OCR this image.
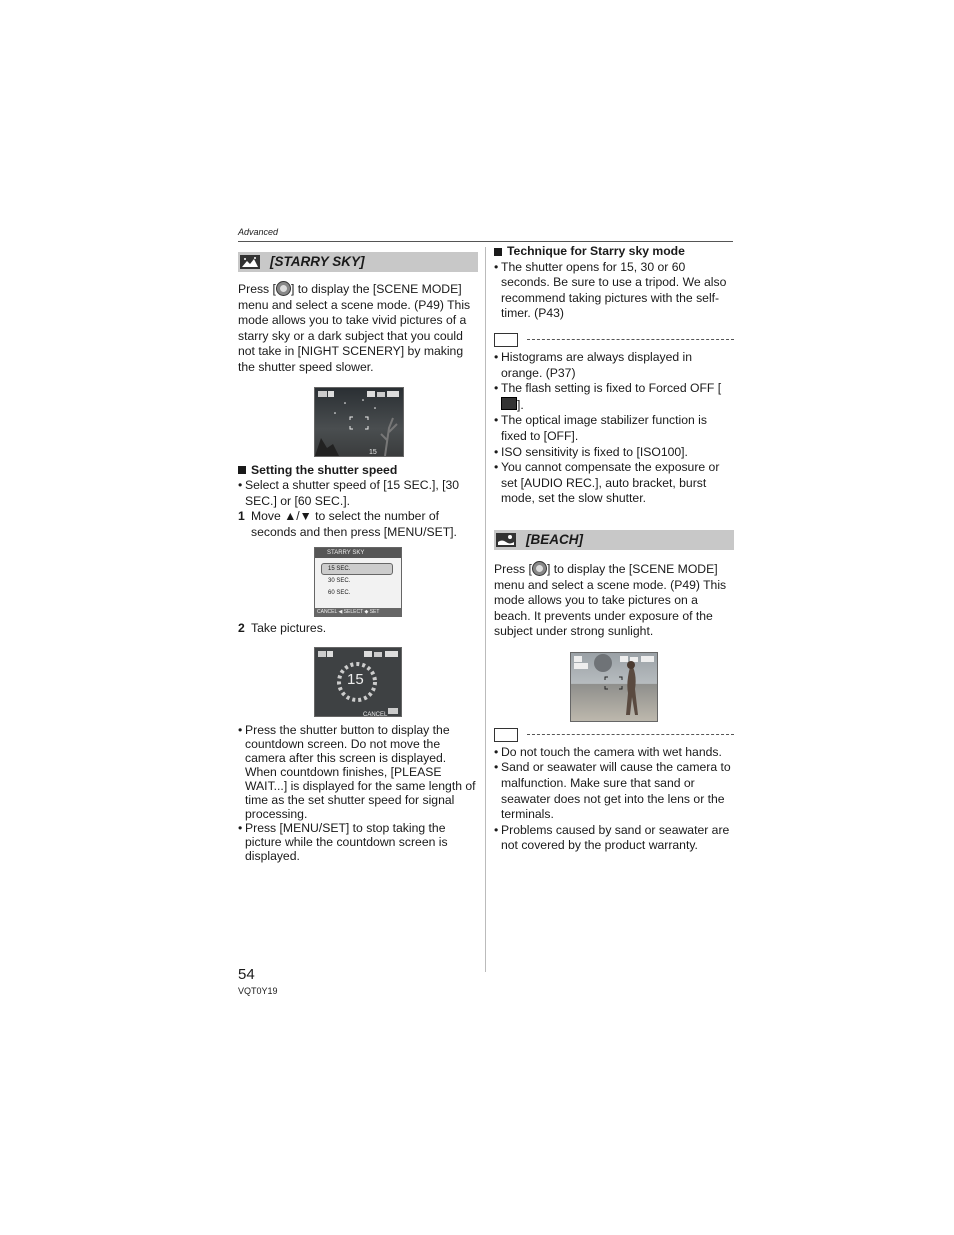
Advanced
[STARRY SKY]

Press [ ] to display the [SCENE MODE] menu and select a scene mode. (P49) This mode allows you to take vivid pictures of a starry sky or a dark subject that you could not take in [NIGHT SCENERY] by making the shutter speed slower.

15
Setting the shutter speed
• Select a shutter speed of [15 SEC.], [30 SEC.] or [60 SEC.].
1 Move ▲/▼ to select the number of seconds and then press [MENU/SET].
STARRY SKY
15 SEC.
30 SEC.
60 SEC.
CANCEL ◀ SELECT ◆ SET
2 Take pictures.
15
CANCEL
• Press the shutter button to display the countdown screen. Do not move the camera after this screen is displayed. When countdown finishes, [PLEASE WAIT...] is displayed for the same length of time as the set shutter speed for signal processing.
• Press [MENU/SET] to stop taking the picture while the countdown screen is displayed.
Technique for Starry sky mode
• The shutter opens for 15, 30 or 60 seconds. Be sure to use a tripod. We also recommend taking pictures with the self-timer. (P43)
• Histograms are always displayed in orange. (P37)
• The flash setting is fixed to Forced OFF [].
• The optical image stabilizer function is fixed to [OFF].
• ISO sensitivity is fixed to [ISO100].
• You cannot compensate the exposure or set [AUDIO REC.], auto bracket, burst mode, set the slow shutter.
[BEACH]

Press [ ] to display the [SCENE MODE] menu and select a scene mode. (P49) This mode allows you to take pictures on a beach. It prevents under exposure of the subject under strong sunlight.

• Do not touch the camera with wet hands.
• Sand or seawater will cause the camera to malfunction. Make sure that sand or seawater does not get into the lens or the terminals.
• Problems caused by sand or seawater are not covered by the product warranty.
54
VQT0Y19
